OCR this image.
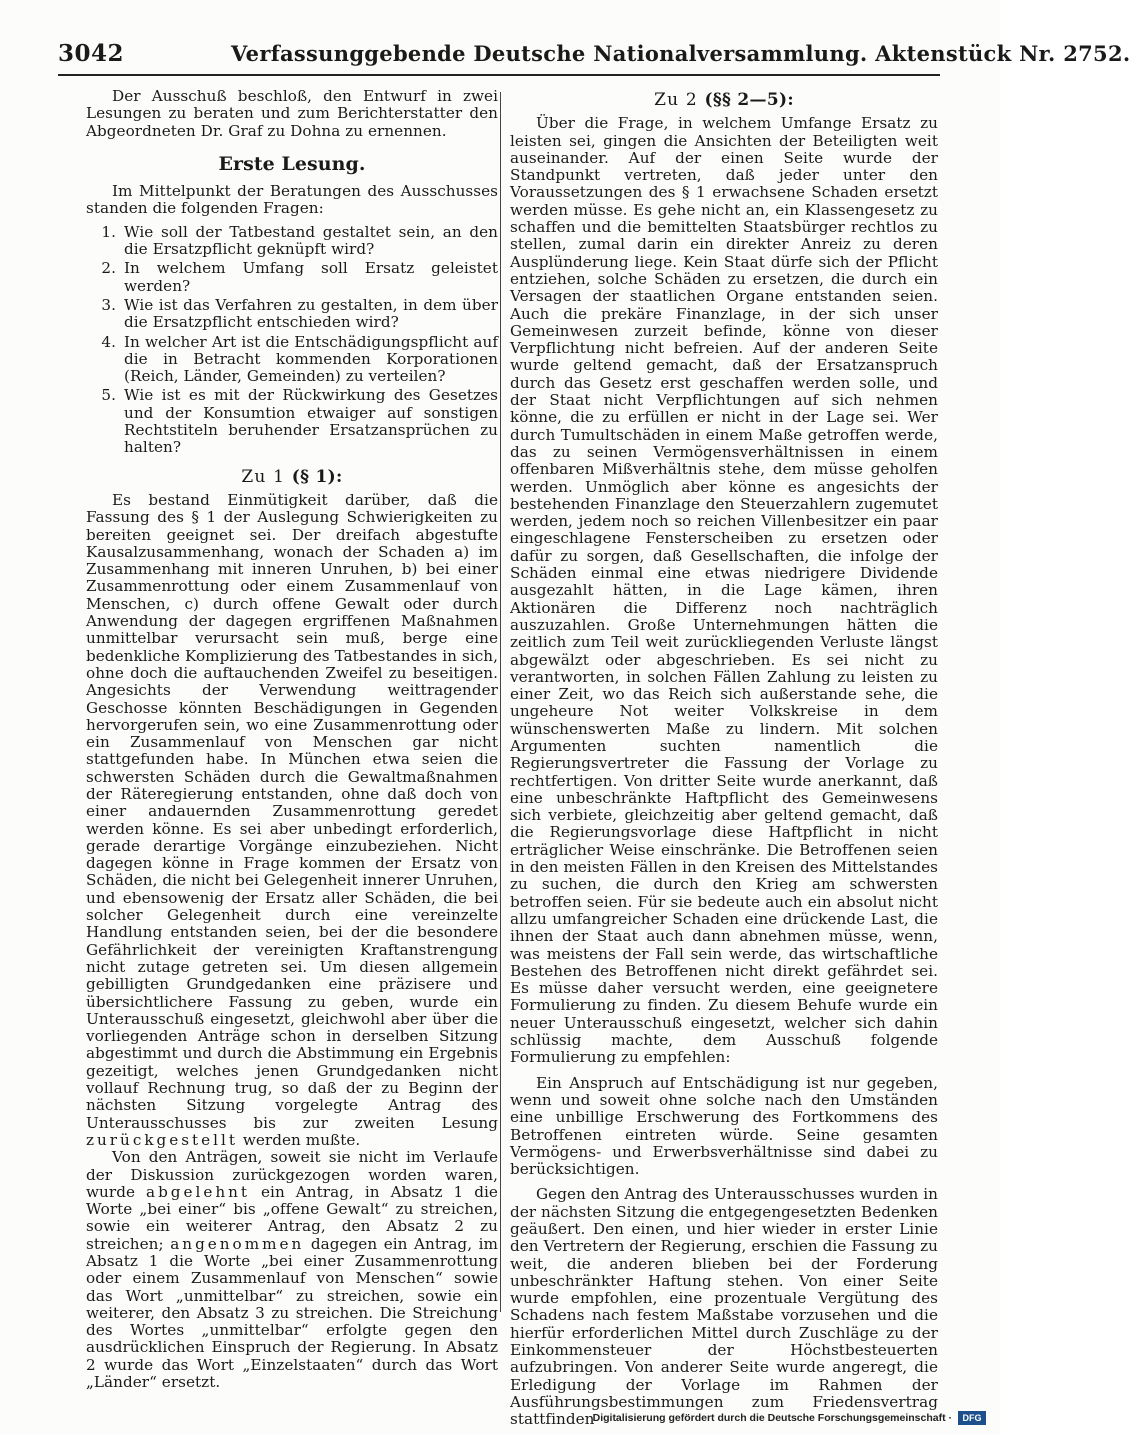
3042	Verfassunggebende Deutsche Nationalversammlung. Aktenstück Nr. 2752.

Der Ausschuß beschloß, den Entwurf in zwei Lesungen zu beraten und zum Berichterstatter den Abgeordneten Dr. Graf zu Dohna zu ernennen.

Erste Lesung.

Im Mittelpunkt der Beratungen des Ausschusses standen die folgenden Fragen:

1. Wie soll der Tatbestand gestaltet sein, an den die Ersatzpflicht geknüpft wird?
2. In welchem Umfang soll Ersatz geleistet werden?
3. Wie ist das Verfahren zu gestalten, in dem über die Ersatzpflicht entschieden wird?
4. In welcher Art ist die Entschädigungspflicht auf die in Betracht kommenden Korporationen (Reich, Länder, Gemeinden) zu verteilen?
5. Wie ist es mit der Rückwirkung des Gesetzes und der Konsumtion etwaiger auf sonstigen Rechtstiteln beruhender Ersatzansprüchen zu halten?
Zu 1 (§ 1):

Es bestand Einmütigkeit darüber, daß die Fassung des § 1 der Auslegung Schwierigkeiten zu bereiten geeignet sei. Der dreifach abgestufte Kausalzusammenhang, wonach der Schaden a) im Zusammenhang mit inneren Unruhen, b) bei einer Zusammenrottung oder einem Zusammenlauf von Menschen, c) durch offene Gewalt oder durch Anwendung der dagegen ergriffenen Maßnahmen unmittelbar verursacht sein muß, berge eine bedenkliche Komplizierung des Tatbestandes in sich, ohne doch die auftauchenden Zweifel zu beseitigen. Angesichts der Verwendung weittragender Geschosse könnten Beschädigungen in Gegenden hervorgerufen sein, wo eine Zusammenrottung oder ein Zusammenlauf von Menschen gar nicht stattgefunden habe. In München etwa seien die schwersten Schäden durch die Gewaltmaßnahmen der Räteregierung entstanden, ohne daß doch von einer andauernden Zusammenrottung geredet werden könne. Es sei aber unbedingt erforderlich, gerade derartige Vorgänge einzubeziehen. Nicht dagegen könne in Frage kommen der Ersatz von Schäden, die nicht bei Gelegenheit innerer Unruhen, und ebensowenig der Ersatz aller Schäden, die bei solcher Gelegenheit durch eine vereinzelte Handlung entstanden seien, bei der die besondere Gefährlichkeit der vereinigten Kraftanstrengung nicht zutage getreten sei. Um diesen allgemein gebilligten Grundgedanken eine präzisere und übersichtlichere Fassung zu geben, wurde ein Unterausschuß eingesetzt, gleichwohl aber über die vorliegenden Anträge schon in derselben Sitzung abgestimmt und durch die Abstimmung ein Ergebnis gezeitigt, welches jenen Grundgedanken nicht vollauf Rechnung trug, so daß der zu Beginn der nächsten Sitzung vorgelegte Antrag des Unterausschusses bis zur zweiten Lesung zurückgestellt werden mußte.

Von den Anträgen, soweit sie nicht im Verlaufe der Diskussion zurückgezogen worden waren, wurde abgelehnt ein Antrag, in Absatz 1 die Worte „bei einer“ bis „offene Gewalt“ zu streichen, sowie ein weiterer Antrag, den Absatz 2 zu streichen; angenommen dagegen ein Antrag, im Absatz 1 die Worte „bei einer Zusammenrottung oder einem Zusammenlauf von Menschen“ sowie das Wort „unmittelbar“ zu streichen, sowie ein weiterer, den Absatz 3 zu streichen. Die Streichung des Wortes „unmittelbar“ erfolgte gegen den ausdrücklichen Einspruch der Regierung. In Absatz 2 wurde das Wort „Einzelstaaten“ durch das Wort „Länder“ ersetzt.

Zu 2 (§§ 2—5):

Über die Frage, in welchem Umfange Ersatz zu leisten sei, gingen die Ansichten der Beteiligten weit auseinander. Auf der einen Seite wurde der Standpunkt vertreten, daß jeder unter den Voraussetzungen des § 1 erwachsene Schaden ersetzt werden müsse. Es gehe nicht an, ein Klassengesetz zu schaffen und die bemittelten Staatsbürger rechtlos zu stellen, zumal darin ein direkter Anreiz zu deren Ausplünderung liege. Kein Staat dürfe sich der Pflicht entziehen, solche Schäden zu ersetzen, die durch ein Versagen der staatlichen Organe entstanden seien. Auch die prekäre Finanzlage, in der sich unser Gemeinwesen zurzeit befinde, könne von dieser Verpflichtung nicht befreien. Auf der anderen Seite wurde geltend gemacht, daß der Ersatzanspruch durch das Gesetz erst geschaffen werden solle, und der Staat nicht Verpflichtungen auf sich nehmen könne, die zu erfüllen er nicht in der Lage sei. Wer durch Tumultschäden in einem Maße getroffen werde, das zu seinen Vermögensverhältnissen in einem offenbaren Mißverhältnis stehe, dem müsse geholfen werden. Unmöglich aber könne es angesichts der bestehenden Finanzlage den Steuerzahlern zugemutet werden, jedem noch so reichen Villenbesitzer ein paar eingeschlagene Fensterscheiben zu ersetzen oder dafür zu sorgen, daß Gesellschaften, die infolge der Schäden einmal eine etwas niedrigere Dividende ausgezahlt hätten, in die Lage kämen, ihren Aktionären die Differenz noch nachträglich auszuzahlen. Große Unternehmungen hätten die zeitlich zum Teil weit zurückliegenden Verluste längst abgewälzt oder abgeschrieben. Es sei nicht zu verantworten, in solchen Fällen Zahlung zu leisten zu einer Zeit, wo das Reich sich außerstande sehe, die ungeheure Not weiter Volkskreise in dem wünschenswerten Maße zu lindern. Mit solchen Argumenten suchten namentlich die Regierungsvertreter die Fassung der Vorlage zu rechtfertigen. Von dritter Seite wurde anerkannt, daß eine unbeschränkte Haftpflicht des Gemeinwesens sich verbiete, gleichzeitig aber geltend gemacht, daß die Regierungsvorlage diese Haftpflicht in nicht erträglicher Weise einschränke. Die Betroffenen seien in den meisten Fällen in den Kreisen des Mittelstandes zu suchen, die durch den Krieg am schwersten betroffen seien. Für sie bedeute auch ein absolut nicht allzu umfangreicher Schaden eine drückende Last, die ihnen der Staat auch dann abnehmen müsse, wenn, was meistens der Fall sein werde, das wirtschaftliche Bestehen des Betroffenen nicht direkt gefährdet sei. Es müsse daher versucht werden, eine geeignetere Formulierung zu finden. Zu diesem Behufe wurde ein neuer Unterausschuß eingesetzt, welcher sich dahin schlüssig machte, dem Ausschuß folgende Formulierung zu empfehlen:

Ein Anspruch auf Entschädigung ist nur gegeben, wenn und soweit ohne solche nach den Umständen eine unbillige Erschwerung des Fortkommens des Betroffenen eintreten würde. Seine gesamten Vermögens- und Erwerbsverhältnisse sind dabei zu berücksichtigen.

Gegen den Antrag des Unterausschusses wurden in der nächsten Sitzung die entgegengesetzten Bedenken geäußert. Den einen, und hier wieder in erster Linie den Vertretern der Regierung, erschien die Fassung zu weit, die anderen blieben bei der Forderung unbeschränkter Haftung stehen. Von einer Seite wurde empfohlen, eine prozentuale Vergütung des Schadens nach festem Maßstabe vorzusehen und die hierfür erforderlichen Mittel durch Zuschläge zu der Einkommensteuer der Höchstbesteuerten aufzubringen. Von anderer Seite wurde angeregt, die Erledigung der Vorlage im Rahmen der Ausführungsbestimmungen zum Friedensvertrag stattfinden

Digitalisierung gefördert durch die Deutsche Forschungsgemeinschaft ·	DFG
